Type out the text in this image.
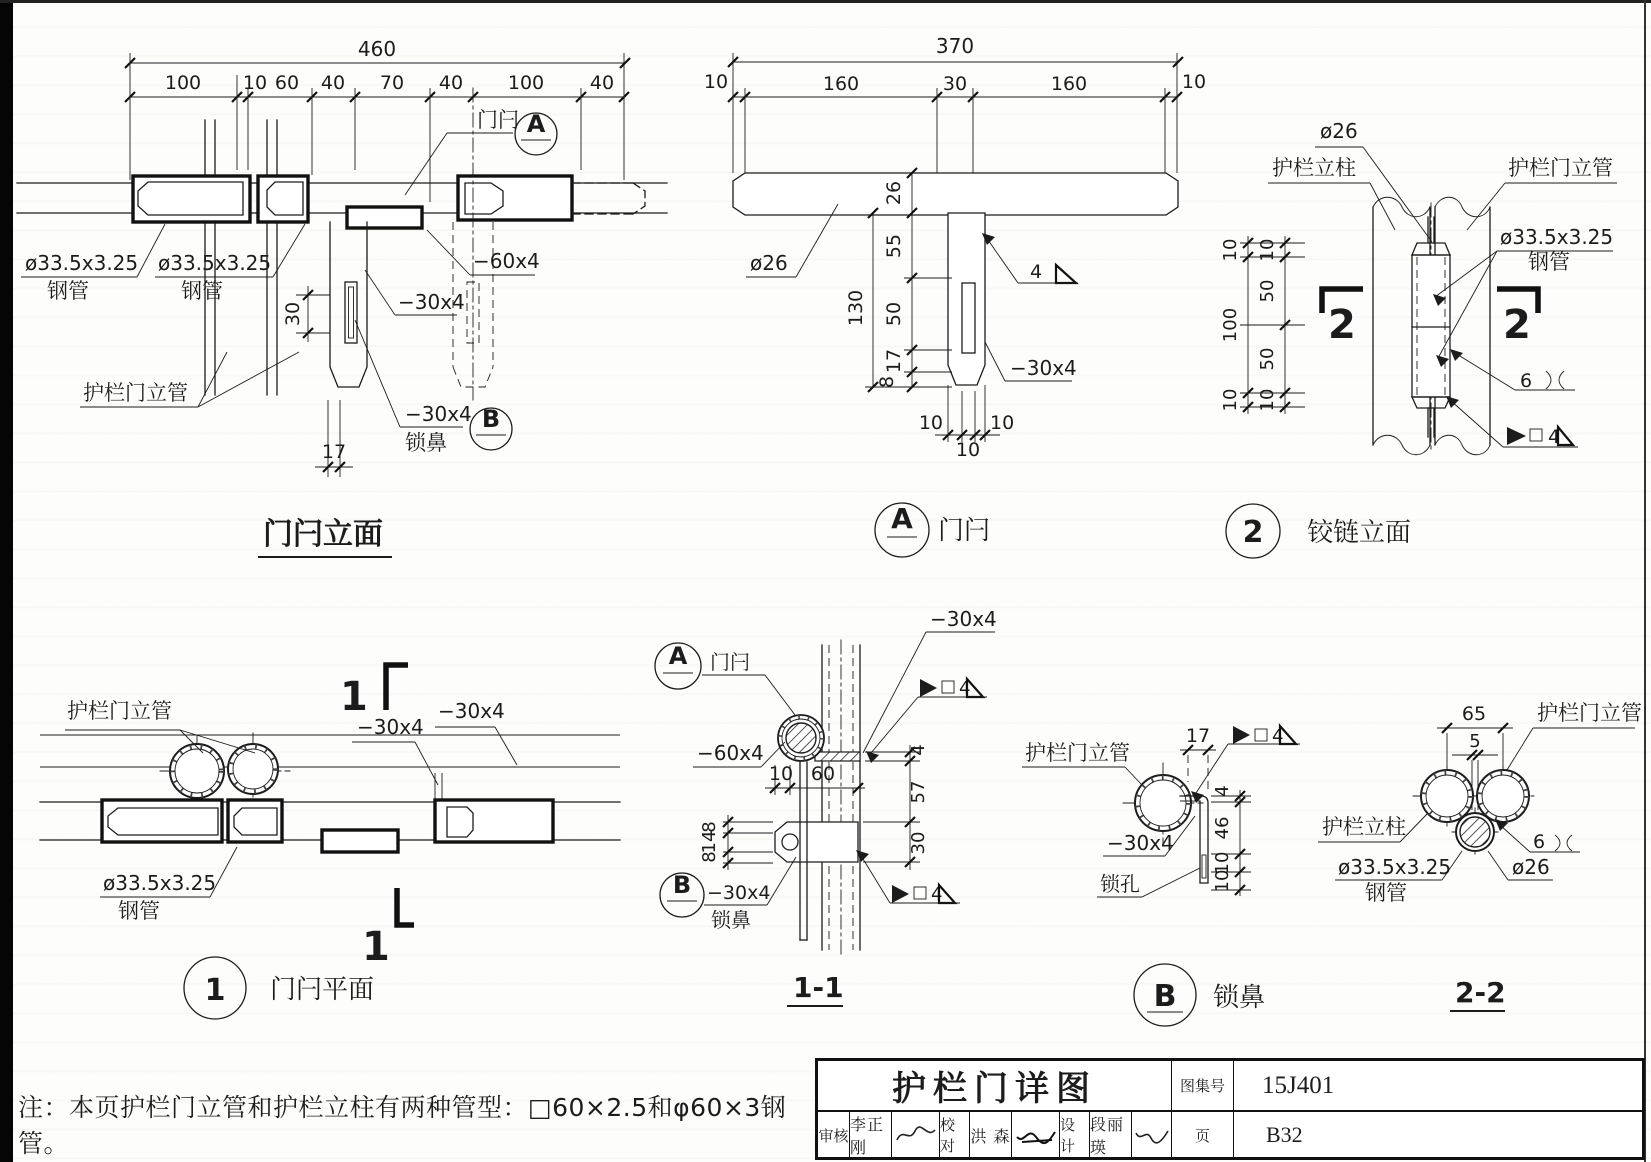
460
100 10 60 40 70 40 100 40
30
17
门闩 A
ø33.5x3.25
钢管
ø33.5x3.25
钢管
−60x4
−30x4
护栏门立管
−30x4
锁鼻
B
门闩立面
370
10	160	30	160	10
26
55
50
17
8
130
10 10
10
4
ø26
−30x4
A 门闩
10
100
10
10
50
50
10
2	2
ø26
护栏立柱	护栏门立管
ø33.5x3.25
钢管
6
4
2 铰链立面
1
1
护栏门立管
−30x4
−30x4
ø33.5x3.25
钢管
1 门闩平面
A 门闩
−60x4
−30x4
4
10 60
8
14
8
4
57
30
B −30x4
锁鼻
4
1-1
17	4
护栏门立管
−30x4
锁孔
4
46
10
10
B 锁鼻
65
5
护栏门立管
护栏立柱
ø33.5x3.25
钢管
ø26
6
2-2
注：本页护栏门立管和护栏立柱有两种管型：□60×2.5和φ60×3钢管。
护栏门详图	图集号	15J401
审核
李正刚
校对
洪 森
设计
段丽瑛
页	B32
